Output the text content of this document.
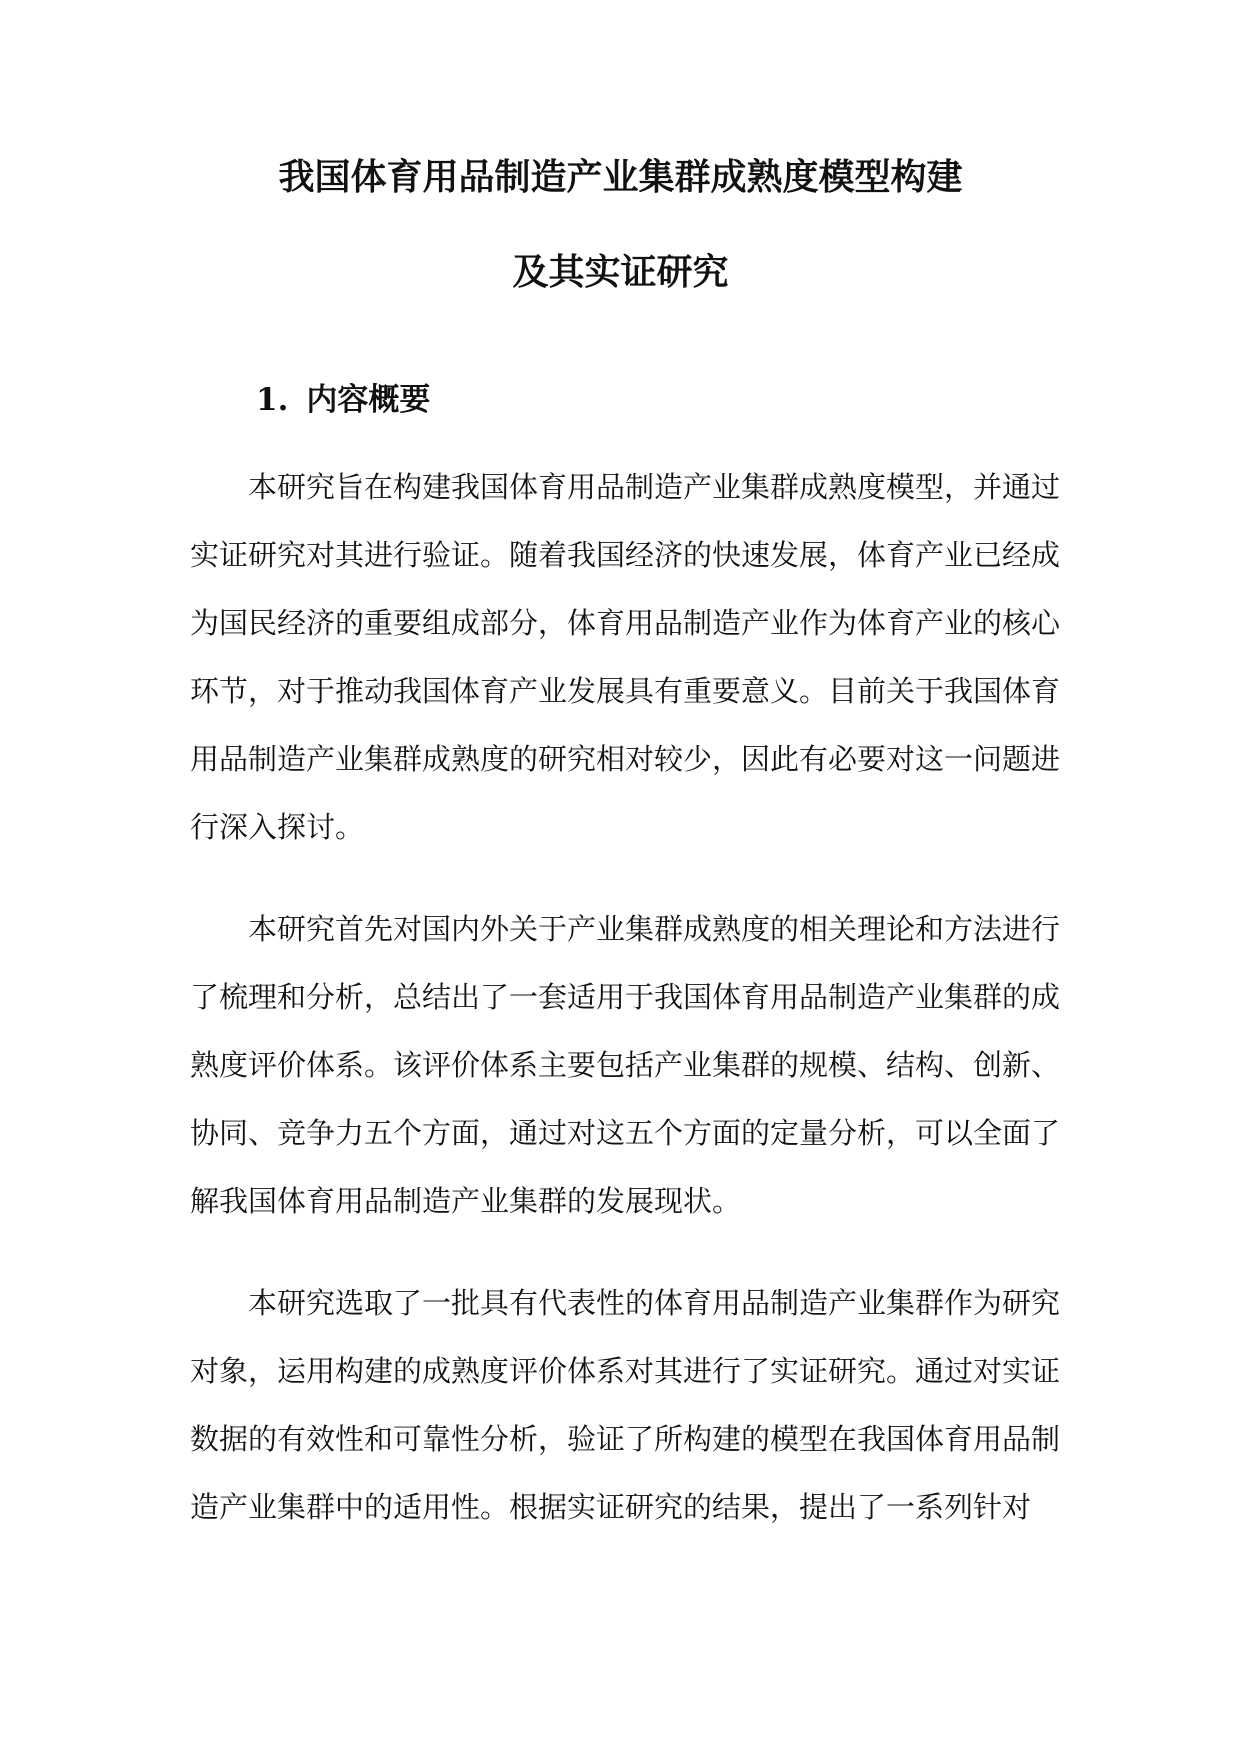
我国体育用品制造产业集群成熟度模型构建
及其实证研究
1. 内容概要

本研究旨在构建我国体育用品制造产业集群成熟度模型，并通过实证研究对其进行验证。随着我国经济的快速发展，体育产业已经成为国民经济的重要组成部分，体育用品制造产业作为体育产业的核心环节，对于推动我国体育产业发展具有重要意义。目前关于我国体育用品制造产业集群成熟度的研究相对较少，因此有必要对这一问题进行深入探讨。

本研究首先对国内外关于产业集群成熟度的相关理论和方法进行了梳理和分析，总结出了一套适用于我国体育用品制造产业集群的成熟度评价体系。该评价体系主要包括产业集群的规模、结构、创新、协同、竞争力五个方面，通过对这五个方面的定量分析，可以全面了解我国体育用品制造产业集群的发展现状。

本研究选取了一批具有代表性的体育用品制造产业集群作为研究对象，运用构建的成熟度评价体系对其进行了实证研究。通过对实证数据的有效性和可靠性分析，验证了所构建的模型在我国体育用品制造产业集群中的适用性。根据实证研究的结果，提出了一系列针对
